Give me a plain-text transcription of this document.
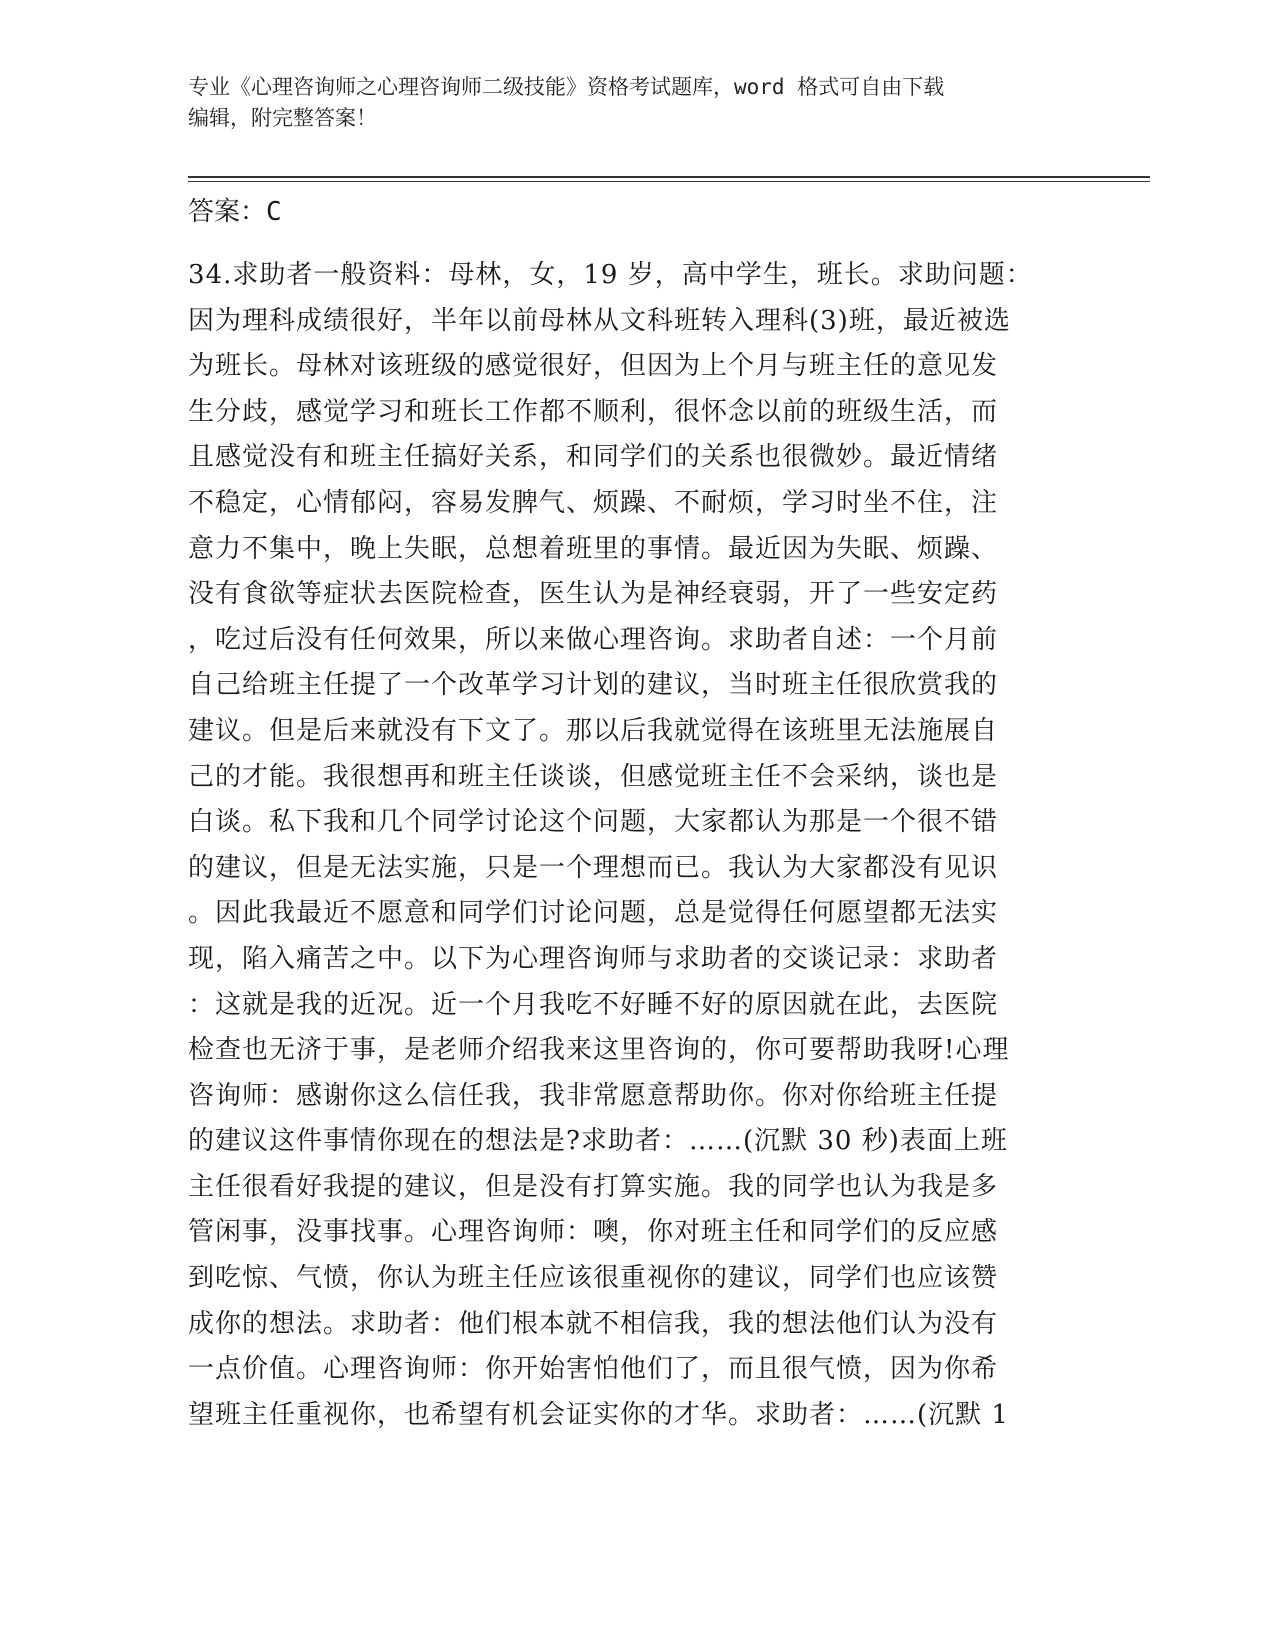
专业《心理咨询师之心理咨询师二级技能》资格考试题库，word 格式可自由下载
编辑，附完整答案！
答案：C
34.求助者一般资料：母林，女，19 岁，高中学生，班长。求助问题：
因为理科成绩很好，半年以前母林从文科班转入理科(3)班，最近被选
为班长。母林对该班级的感觉很好，但因为上个月与班主任的意见发
生分歧，感觉学习和班长工作都不顺利，很怀念以前的班级生活，而
且感觉没有和班主任搞好关系，和同学们的关系也很微妙。最近情绪
不稳定，心情郁闷，容易发脾气、烦躁、不耐烦，学习时坐不住，注
意力不集中，晚上失眠，总想着班里的事情。最近因为失眠、烦躁、
没有食欲等症状去医院检查，医生认为是神经衰弱，开了一些安定药
，吃过后没有任何效果，所以来做心理咨询。求助者自述：一个月前
自己给班主任提了一个改革学习计划的建议，当时班主任很欣赏我的
建议。但是后来就没有下文了。那以后我就觉得在该班里无法施展自
己的才能。我很想再和班主任谈谈，但感觉班主任不会采纳，谈也是
白谈。私下我和几个同学讨论这个问题，大家都认为那是一个很不错
的建议，但是无法实施，只是一个理想而已。我认为大家都没有见识
。因此我最近不愿意和同学们讨论问题，总是觉得任何愿望都无法实
现，陷入痛苦之中。以下为心理咨询师与求助者的交谈记录：求助者
：这就是我的近况。近一个月我吃不好睡不好的原因就在此，去医院
检查也无济于事，是老师介绍我来这里咨询的，你可要帮助我呀!心理
咨询师：感谢你这么信任我，我非常愿意帮助你。你对你给班主任提
的建议这件事情你现在的想法是?求助者：……(沉默 30 秒)表面上班
主任很看好我提的建议，但是没有打算实施。我的同学也认为我是多
管闲事，没事找事。心理咨询师：噢，你对班主任和同学们的反应感
到吃惊、气愤，你认为班主任应该很重视你的建议，同学们也应该赞
成你的想法。求助者：他们根本就不相信我，我的想法他们认为没有
一点价值。心理咨询师：你开始害怕他们了，而且很气愤，因为你希
望班主任重视你，也希望有机会证实你的才华。求助者：……(沉默 1
